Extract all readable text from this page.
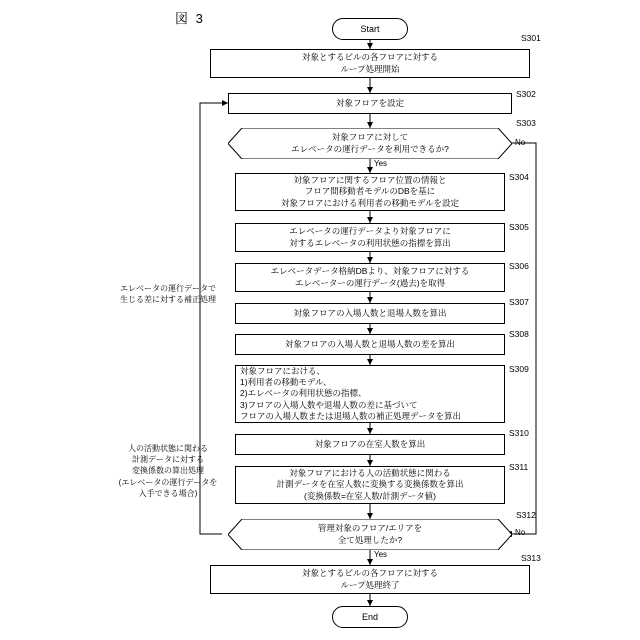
図 3
Start
対象とするビルの各フロアに対する
ループ処理開始
S301
対象フロアを設定
S302
対象フロアに対して
エレベータの運行データを利用できるか?
S303
No
Yes
対象フロアに関するフロア位置の情報と
フロア間移動者モデルのDBを基に
対象フロアにおける利用者の移動モデルを設定
S304
エレベータの運行データより対象フロアに
対するエレベータの利用状態の指標を算出
S305
エレベータデータ格納DBより、対象フロアに対する
エレベーターの運行データ(過去)を取得
S306
対象フロアの入場人数と退場人数を算出
S307
対象フロアの入場人数と退場人数の差を算出
S308
対象フロアにおける、
1)利用者の移動モデル、
2)エレベータの利用状態の指標、
3)フロアの入場人数や退場人数の差に基づいて
フロアの入場人数または退場人数の補正処理データを算出
S309
対象フロアの在室人数を算出
S310
対象フロアにおける人の活動状態に関わる
計測データを在室人数に変換する変換係数を算出
(変換係数=在室人数/計測データ値)
S311
管理対象のフロア/エリアを
全て処理したか?
S312
No
Yes
対象とするビルの各フロアに対する
ループ処理終了
S313
End
エレベータの運行データで
生じる差に対する補正処理
人の活動状態に関わる
計測データに対する
変換係数の算出処理
(エレベータの運行データを
入手できる場合)
